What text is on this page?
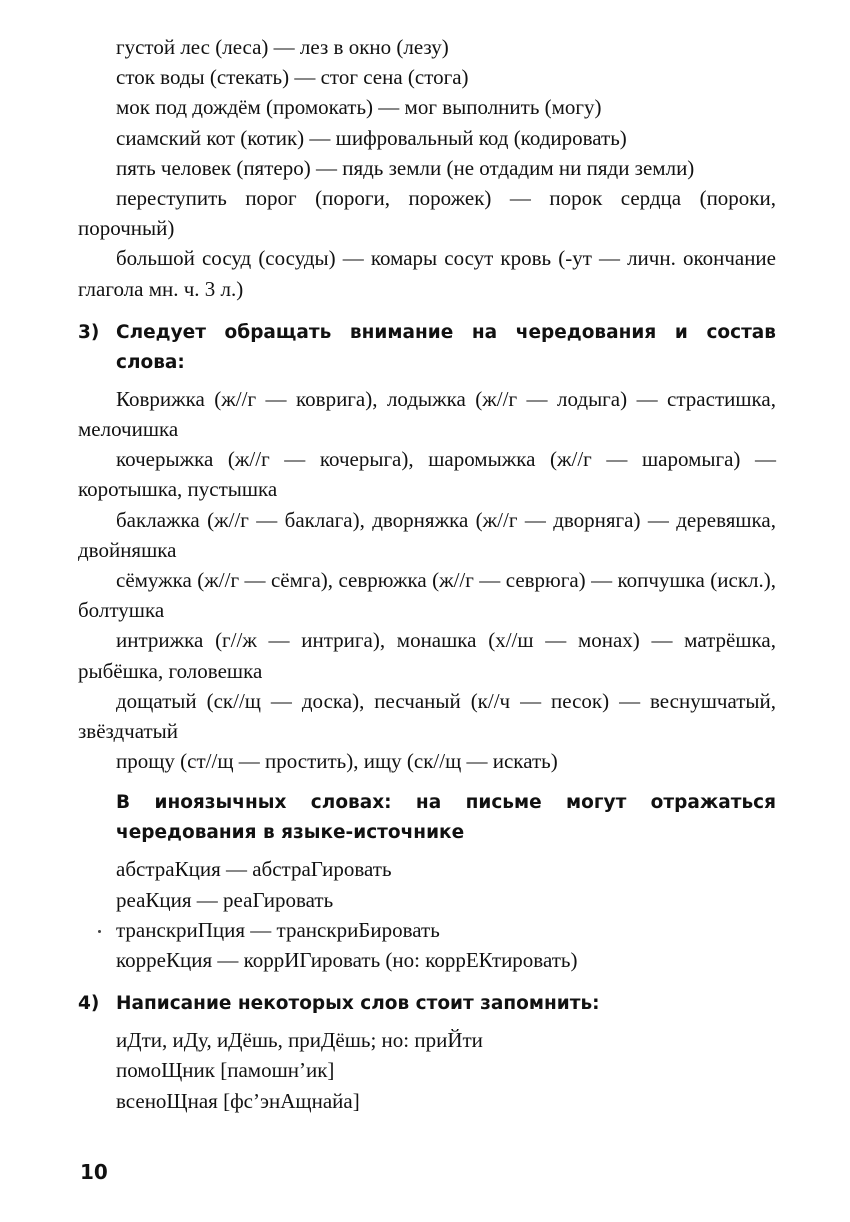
густой лес (леса) — лез в окно (лезу)

сток воды (стекать) — стог сена (стога)

мок под дождём (промокать) — мог выполнить (могу)

сиамский кот (котик) — шифровальный код (кодировать)

пять человек (пятеро) — пядь земли (не отдадим ни пяди земли)

переступить порог (пороги, порожек) — порок сердца (пороки, порочный)

большой сосуд (сосуды) — комары сосут кровь (-ут — личн. окончание глагола мн. ч. 3 л.)

3) Следует обращать внимание на чередования и состав слова:

Коврижка (ж//г — коврига), лодыжка (ж//г — лодыга) — страстишка, мелочишка

кочерыжка (ж//г — кочерыга), шаромыжка (ж//г — шаромыга) — коротышка, пустышка

баклажка (ж//г — баклага), дворняжка (ж//г — дворняга) — деревяшка, двойняшка

сёмужка (ж//г — сёмга), севрюжка (ж//г — севрюга) — копчушка (искл.), болтушка

интрижка (г//ж — интрига), монашка (х//ш — монах) — матрёшка, рыбёшка, головешка

дощатый (ск//щ — доска), песчаный (к//ч — песок) — веснушчатый, звёздчатый

прощу (ст//щ — простить), ищу (ск//щ — искать)

В иноязычных словах: на письме могут отражаться чередования в языке-источнике
абстраКция — абстраГировать
реаКция — реаГировать
транскриПция — транскриБировать
корреКция — коррИГировать (но: коррЕКтировать)
4) Написание некоторых слов стоит запомнить:
иДти, иДу, иДёшь, приДёшь; но: приЙти
помоЩник [памошн’ик]
всеноЩная [фс’энАщнайа]
10
